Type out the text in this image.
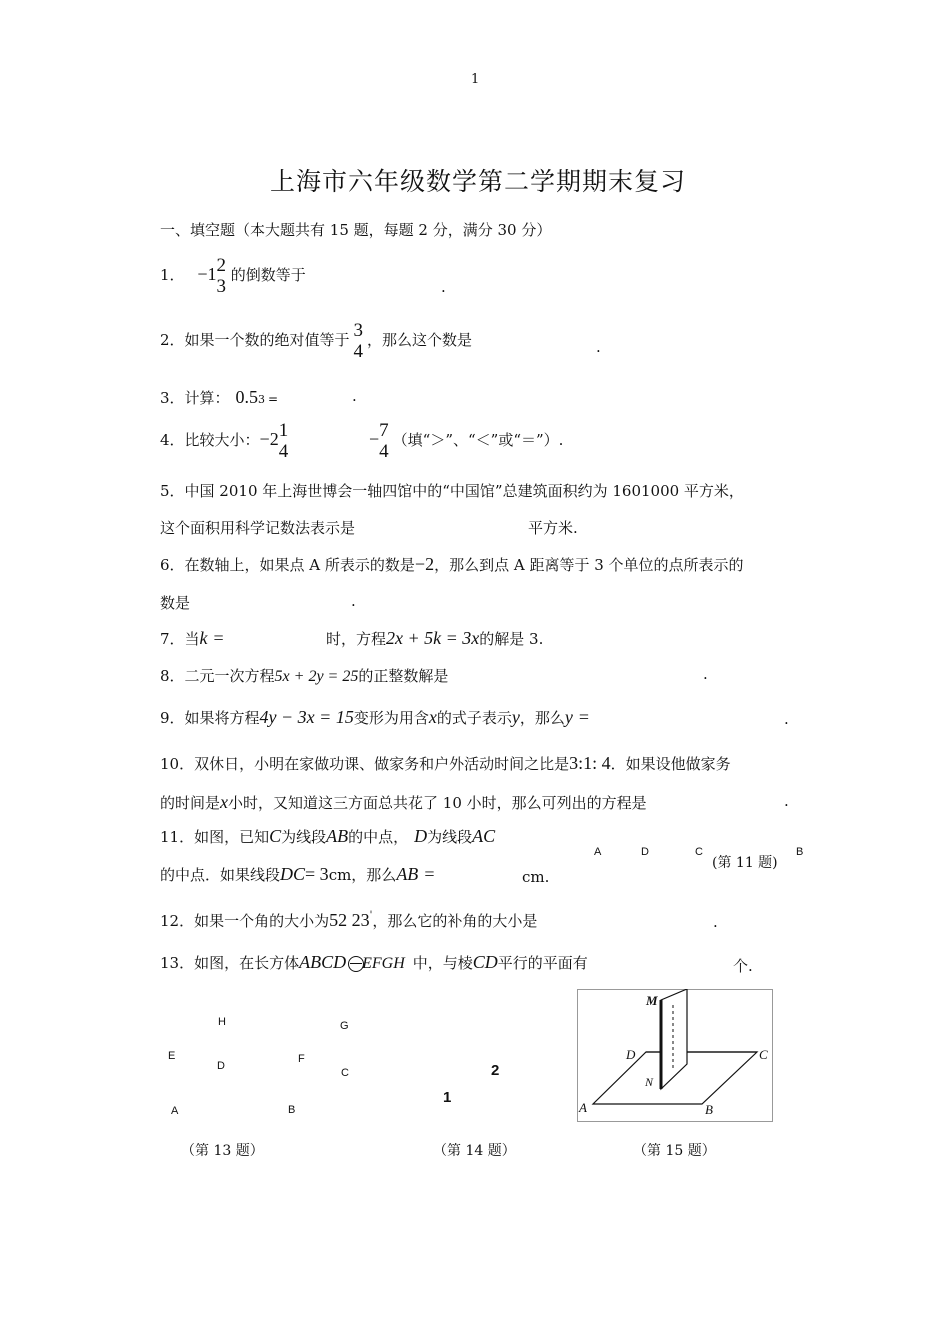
1
上海市六年级数学第二学期期末复习
一、填空题（本大题共有 15 题，每题 2 分，满分 30 分）
1． −1 2
3
的倒数等于
.
2．如果一个数的绝对值等于 3
4
，那么这个数是	.
3．计算： 0.53 =	.
4．比较大小：−2 1
4
− 7
4
（填“＞”、“＜”或“＝”）.
5．中国 2010 年上海世博会一轴四馆中的“中国馆”总建筑面积约为 1601000 平方米，
这个面积用科学记数法表示是	平方米.
6．在数轴上，如果点 A 所表示的数是−2，那么到点 A 距离等于 3 个单位的点所表示的
数是	.
7．当k =	时，方程2x + 5k = 3x的解是 3.
8．二元一次方程5x + 2y = 25的正整数解是	.
9．如果将方程4y − 3x = 15变形为用含x的式子表示y，那么y =	.
10．双休日，小明在家做功课、做家务和户外活动时间之比是3:1: 4．如果设他做家务
的时间是x小时，又知道这三方面总共花了 10 小时，那么可列出的方程是	.
11．如图，已知C为线段AB的中点， D为线段AC
的中点．如果线段DC= 3cm，那么AB =	cm.
A	D	C
(第 11 题)
B
12．如果一个角的大小为52 23'，那么它的补角的大小是	.
13．如图，在长方体ABCD EFGH 中，与棱CD平行的平面有	个.
H	G
E
D
F
C
A	B
（第 13 题）
2
1
（第 14 题）
M
N
D	C
A	B
（第 15 题）
